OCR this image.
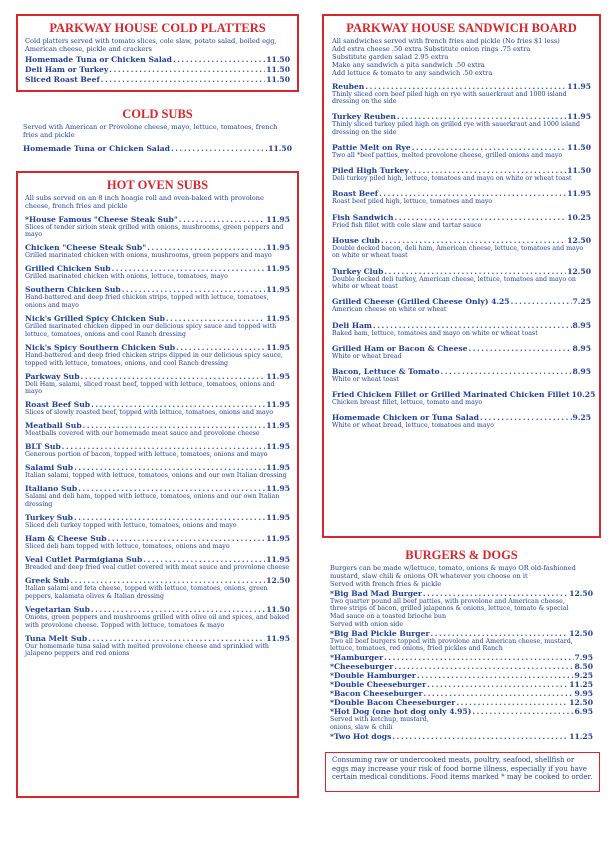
PARKWAY HOUSE COLD PLATTERS
Cold platters served with tomato slices, cole slaw, potato salad, boiled egg, American cheese, pickle and crackers
Homemade Tuna or Chicken Salad . . .	11.50
Deli Ham or Turkey . . .	11.50
Sliced Roast Beef . . .	11.50
COLD SUBS
Served with American or Provolone cheese, mayo, lettuce, tomatoes, french fries and pickle
Homemade Tuna or Chicken Salad . . .	11.50
HOT OVEN SUBS
All subs served on an 8 inch hoagie roll and oven-baked with provolone cheese, french fries and pickle
*House Famous "Cheese Steak Sub" . . .	11.95
Slices of tender sirloin steak grilled with onions, mushrooms, green peppers and mayo
Chicken "Cheese Steak Sub" . . .	11.95
Grilled marinated chicken with onions, mushrooms, green peppers and mayo
Grilled Chicken Sub . . .	11.95
Grilled marinated chicken with onions, lettuce, tomatoes, mayo
Southern Chicken Sub . . .	11.95
Hand-battered and deep fried chicken strips, topped with lettuce, tomatoes, onions and mayo
Nick's Grilled Spicy Chicken Sub . . .	11.95
Grilled marinated chicken dipped in our delicious spicy sauce and topped with lettuce, tomatoes, onions and cool Ranch dressing
Nick's Spicy Southern Chicken Sub . . .	11.95
Hand-battered and deep fried chicken strips dipped in our delicious spicy sauce, topped with lettuce, tomatoes, onions, and cool Ranch dressing
Parkway Sub . . .	11.95
Deli Ham, salami, sliced roast beef, topped with lettuce, tomatoes, onions and mayo
Roast Beef Sub . . .	11.95
Slices of slowly roasted beef, topped with lettuce, tomatoes, onions and mayo
Meatball Sub . . .	11.95
Meatballs covered with our homemade meat sauce and provolone cheese
BLT Sub . . .	11.95
Generous portion of bacon, topped with lettuce, tomatoes, onions and mayo
Salami Sub . . .	11.95
Italian salami, topped with lettuce, tomatoes, onions and our own Italian dressing
Italiano Sub . . .	11.95
Salami and deli ham, topped with lettuce, tomatoes, onions and our own Italian dressing
Turkey Sub . . .	11.95
Sliced deli turkey topped with lettuce, tomatoes, onions and mayo
Ham & Cheese Sub . . .	11.95
Sliced deli ham topped with lettuce, tomatoes, onions and mayo
Veal Cutlet Parmigiana Sub . . .	11.95
Breaded and deep fried veal cutlet covered with meat sauce and provolone cheese
Greek Sub . . .	12.50
Italian salami and feta cheese, topped with lettuce, tomatoes, onions, green peppers, kalamata olives & Italian dressing
Vegetarian Sub . . .	11.50
Onions, green peppers and mushrooms grilled with olive oil and spices, and baked with provolone cheese. Topped with lettuce, tomatoes & mayo
Tuna Melt Sub . . .	11.95
Our homemade tuna salad with melted provolone cheese and sprinkled with jalapeno peppers and red onions
PARKWAY HOUSE SANDWICH BOARD
All sandwiches served with french fries and pickle (No fries $1 less)
Add extra cheese .50 extra Substitute onion rings .75 extra
Substitute garden salad 2.95 extra
Make any sandwich a pita sandwich .50 extra
Add lettuce & tomato to any sandwich .50 extra
Reuben . . .	11.95
Thinly sliced corn beef piled high on rye with sauerkraut and 1000 island dressing on the side
Turkey Reuben . . .	11.95
Thinly sliced turkey piled high on grilled rye with sauerkraut and 1000 island dressing on the side
Pattie Melt on Rye . . .	11.50
Two all *beef patties, melted provolone cheese, grilled onions and mayo
Piled High Turkey . . .	11.50
Deli turkey piled high, lettuce, tomatoes and mayo on white or wheat toast
Roast Beef . . .	11.95
Roast beef piled high, lettuce, tomatoes and mayo
Fish Sandwich . . .	10.25
Fried fish fillet with cole slaw and tartar sauce
House club . . .	12.50
Double decked bacon, deli ham, American cheese, lettuce, tomatoes and mayo on white or wheat toast
Turkey Club . . .	12.50
Double decked deli turkey, American cheese, lettuce, tomatoes and mayo on white or wheat toast
Grilled Cheese (Grilled Cheese Only) 4.25 . . .	7.25
American cheese on white or wheat
Deli Ham . . .	8.95
Baked ham, lettuce, tomatoes and mayo on white or wheat toast
Grilled Ham or Bacon & Cheese . . .	8.95
White or wheat bread
Bacon, Lettuce & Tomato . . .	8.95
White or wheat toast
Fried Chicken Fillet or Grilled Marinated Chicken Fillet 10.25
Chicken breast fillet, lettuce, tomato and mayo
Homemade Chicken or Tuna Salad . . .	9.25
White or wheat bread, lettuce, tomatoes and mayo
BURGERS & DOGS
Burgers can be made w/lettuce, tomato, onions & mayo OR old-fashioned
mustard, slaw chili & onions OR whatever you choose on it
Served with french fries & pickle
*Big Bad Mad Burger . . .	12.50
Two quarter pound all beef patties, with provolone and American cheese,
three strips of bacon, grilled jalapenos & onions, lettuce, tomato & special
Mad sauce on a toasted brioche bun
Served with onion side
*Big Bad Pickle Burger . . .	12.50
Two all beef burgers topped with provolone and American cheese, mustard,
lettuce, tomatoes, red onions, fried pickles and Ranch
*Hamburger . . .	7.95
*Cheeseburger . . .	8.50
*Double Hamburger . . .	9.25
*Double Cheeseburger . . .	11.25
*Bacon Cheeseburger . . .	9.95
*Double Bacon Cheeseburger . . .	12.50
*Hot Dog (one hot dog only 4.95) . . .	6.95
Served with ketchup, mustard,
onions, slaw & chili
*Two Hot dogs . . .	11.25
Consuming raw or undercooked meats, poultry, seafood, shellfish or eggs may increase your risk of food borne illness, especially if you have certain medical conditions. Food items marked * may be cooked to order.
